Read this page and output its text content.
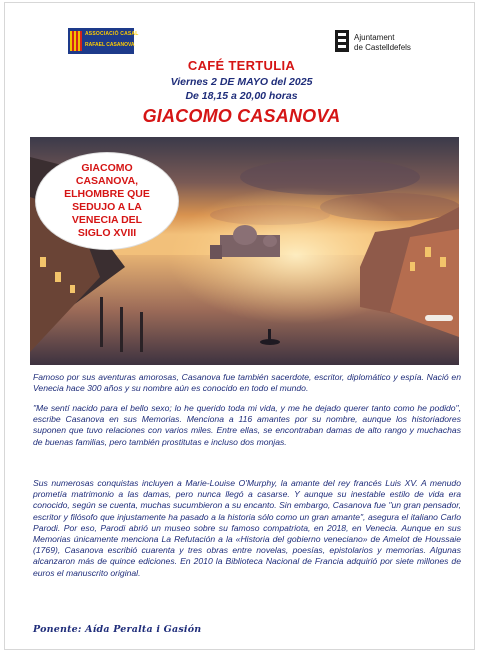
ASSOCIACIÓ CASAL
RAFAEL CASANOVA
Ajuntament
de Castelldefels
CAFÉ TERTULIA
Viernes 2 DE MAYO del 2025
De 18,15 a 20,00 horas
GIACOMO CASANOVA
GIACOMO CASANOVA, ELHOMBRE QUE SEDUJO A LA VENECIA DEL SIGLO XVIII

Famoso por sus aventuras amorosas, Casanova fue también sacerdote, escritor, diplomático y espía. Nació en Venecia hace 300 años y su nombre aún es conocido en todo el mundo.

"Me sentí nacido para el bello sexo; lo he querido toda mi vida, y me he dejado querer tanto como he podido", escribe Casanova en sus Memorias. Menciona a 116 amantes por su nombre, aunque los historiadores suponen que tuvo relaciones con varios miles. Entre ellas, se encontraban damas de alto rango y muchachas de buenas familias, pero también prostitutas e incluso dos monjas.

Sus numerosas conquistas incluyen a Marie-Louise O'Murphy, la amante del rey francés Luis XV. A menudo prometía matrimonio a las damas, pero nunca llegó a casarse. Y aunque su inestable estilo de vida era conocido, según se cuenta, muchas sucumbieron a su encanto. Sin embargo, Casanova fue "un gran pensador, escritor y filósofo que injustamente ha pasado a la historia sólo como un gran amante", asegura el italiano Carlo Parodi. Por eso, Parodi abrió un museo sobre su famoso compatriota, en 2018, en Venecia. Aunque en sus Memorias únicamente menciona La Refutación a la «Historia del gobierno veneciano» de Amelot de Houssaie (1769), Casanova escribió cuarenta y tres obras entre novelas, poesías, epistolarios y memorias. Algunas alcanzaron más de quince ediciones. En 2010 la Biblioteca Nacional de Francia adquirió por siete millones de euros el manuscrito original.

Ponente: Aída Peralta i Gasión
